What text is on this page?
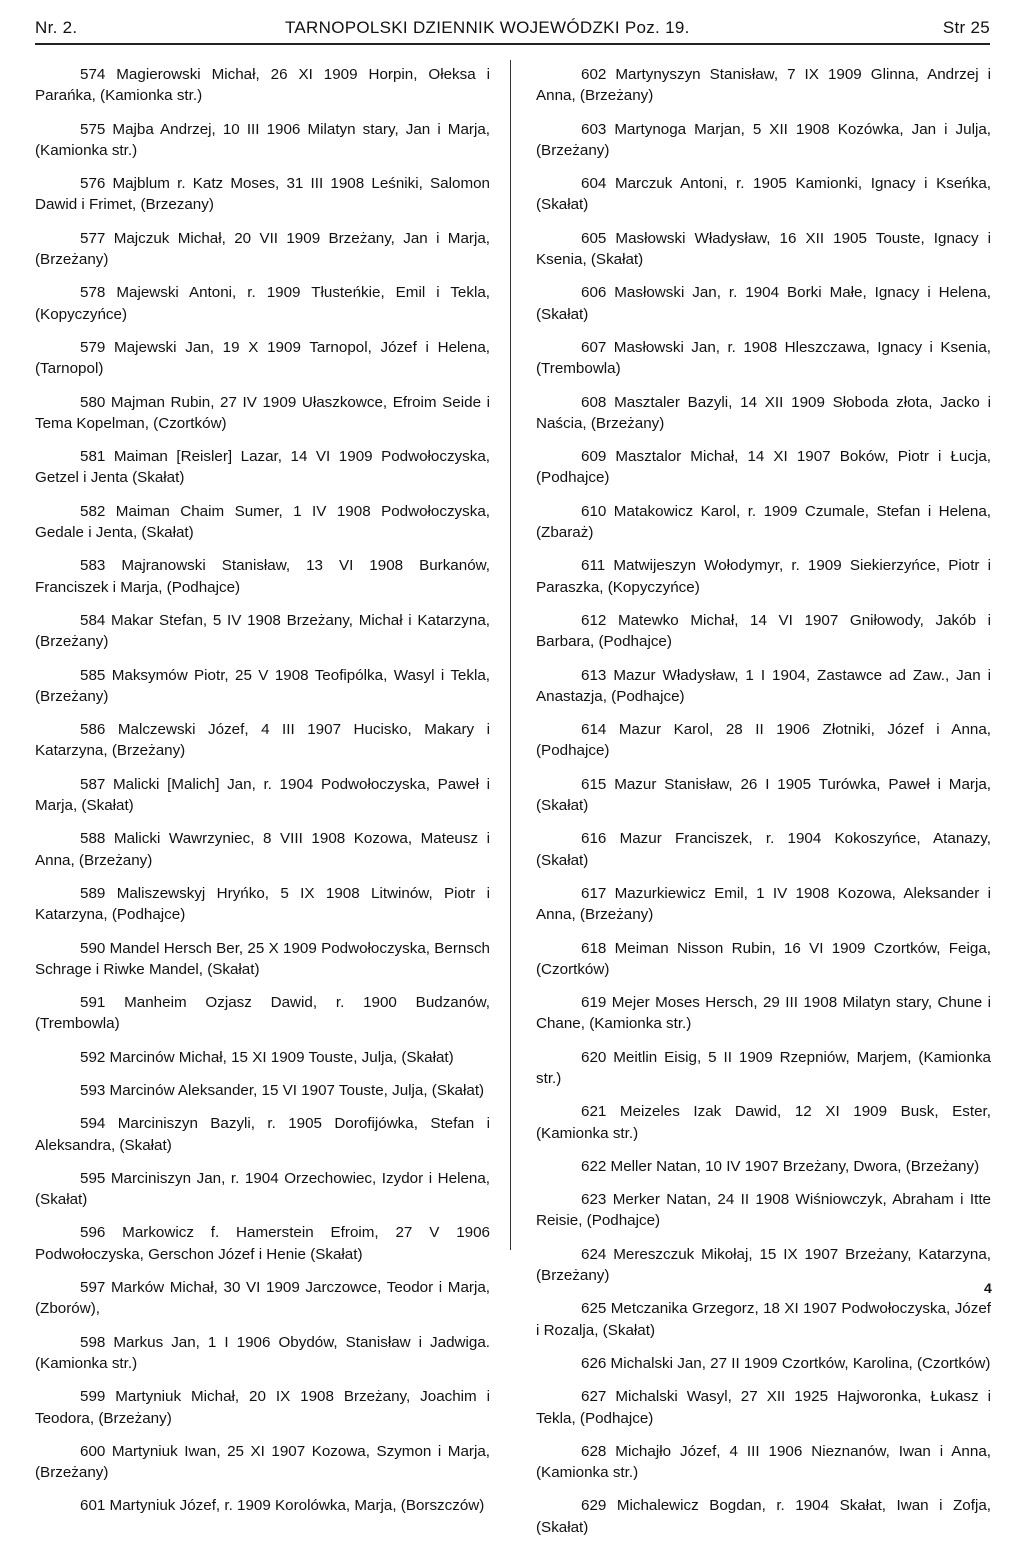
Nr. 2.	TARNOPOLSKI DZIENNIK WOJEWÓDZKI Poz. 19.	Str 25

574 Magierowski Michał, 26 XI 1909 Horpin, Ołeksa i Parańka, (Kamionka str.)

575 Majba Andrzej, 10 III 1906 Milatyn stary, Jan i Marja, (Kamionka str.)

576 Majblum r. Katz Moses, 31 III 1908 Leśniki, Salomon Dawid i Frimet, (Brzezany)

577 Majczuk Michał, 20 VII 1909 Brzeżany, Jan i Marja, (Brzeżany)

578 Majewski Antoni, r. 1909 Tłusteńkie, Emil i Tekla, (Kopyczyńce)

579 Majewski Jan, 19 X 1909 Tarnopol, Józef i Helena, (Tarnopol)

580 Majman Rubin, 27 IV 1909 Ułaszkowce, Efroim Seide i Tema Kopelman, (Czortków)

581 Maiman [Reisler] Lazar, 14 VI 1909 Podwołoczyska, Getzel i Jenta (Skałat)

582 Maiman Chaim Sumer, 1 IV 1908 Podwołoczyska, Gedale i Jenta, (Skałat)

583 Majranowski Stanisław, 13 VI 1908 Burkanów, Franciszek i Marja, (Podhajce)

584 Makar Stefan, 5 IV 1908 Brzeżany, Michał i Katarzyna, (Brzeżany)

585 Maksymów Piotr, 25 V 1908 Teofipólka, Wasyl i Tekla, (Brzeżany)

586 Malczewski Józef, 4 III 1907 Hucisko, Makary i Katarzyna, (Brzeżany)

587 Malicki [Malich] Jan, r. 1904 Podwołoczyska, Paweł i Marja, (Skałat)

588 Malicki Wawrzyniec, 8 VIII 1908 Kozowa, Mateusz i Anna, (Brzeżany)

589 Maliszewskyj Hryńko, 5 IX 1908 Litwinów, Piotr i Katarzyna, (Podhajce)

590 Mandel Hersch Ber, 25 X 1909 Podwołoczyska, Bernsch Schrage i Riwke Mandel, (Skałat)

591 Manheim Ozjasz Dawid, r. 1900 Budzanów, (Trembowla)

592 Marcinów Michał, 15 XI 1909 Touste, Julja, (Skałat)

593 Marcinów Aleksander, 15 VI 1907 Touste, Julja, (Skałat)

594 Marciniszyn Bazyli, r. 1905 Dorofijówka, Stefan i Aleksandra, (Skałat)

595 Marciniszyn Jan, r. 1904 Orzechowiec, Izydor i Helena, (Skałat)

596 Markowicz f. Hamerstein Efroim, 27 V 1906 Podwołoczyska, Gerschon Józef i Henie (Skałat)

597 Marków Michał, 30 VI 1909 Jarczowce, Teodor i Marja, (Zborów),

598 Markus Jan, 1 I 1906 Obydów, Stanisław i Jadwiga. (Kamionka str.)

599 Martyniuk Michał, 20 IX 1908 Brzeżany, Joachim i Teodora, (Brzeżany)

600 Martyniuk Iwan, 25 XI 1907 Kozowa, Szymon i Marja, (Brzeżany)

601 Martyniuk Józef, r. 1909 Korolówka, Marja, (Borszczów)

602 Martynyszyn Stanisław, 7 IX 1909 Glinna, Andrzej i Anna, (Brzeżany)

603 Martynoga Marjan, 5 XII 1908 Kozówka, Jan i Julja, (Brzeżany)

604 Marczuk Antoni, r. 1905 Kamionki, Ignacy i Kseńka, (Skałat)

605 Masłowski Władysław, 16 XII 1905 Touste, Ignacy i Ksenia, (Skałat)

606 Masłowski Jan, r. 1904 Borki Małe, Ignacy i Helena, (Skałat)

607 Masłowski Jan, r. 1908 Hleszczawa, Ignacy i Ksenia, (Trembowla)

608 Masztaler Bazyli, 14 XII 1909 Słoboda złota, Jacko i Naścia, (Brzeżany)

609 Masztalor Michał, 14 XI 1907 Boków, Piotr i Łucja, (Podhajce)

610 Matakowicz Karol, r. 1909 Czumale, Stefan i Helena, (Zbaraż)

611 Matwijeszyn Wołodymyr, r. 1909 Siekierzyńce, Piotr i Paraszka, (Kopyczyńce)

612 Matewko Michał, 14 VI 1907 Gniłowody, Jakób i Barbara, (Podhajce)

613 Mazur Władysław, 1 I 1904, Zastawce ad Zaw., Jan i Anastazja, (Podhajce)

614 Mazur Karol, 28 II 1906 Złotniki, Józef i Anna, (Podhajce)

615 Mazur Stanisław, 26 I 1905 Turówka, Paweł i Marja, (Skałat)

616 Mazur Franciszek, r. 1904 Kokoszyńce, Atanazy, (Skałat)

617 Mazurkiewicz Emil, 1 IV 1908 Kozowa, Aleksander i Anna, (Brzeżany)

618 Meiman Nisson Rubin, 16 VI 1909 Czortków, Feiga, (Czortków)

619 Mejer Moses Hersch, 29 III 1908 Milatyn stary, Chune i Chane, (Kamionka str.)

620 Meitlin Eisig, 5 II 1909 Rzepniów, Marjem, (Kamionka str.)

621 Meizeles Izak Dawid, 12 XI 1909 Busk, Ester, (Kamionka str.)

622 Meller Natan, 10 IV 1907 Brzeżany, Dwora, (Brzeżany)

623 Merker Natan, 24 II 1908 Wiśniowczyk, Abraham i Itte Reisie, (Podhajce)

624 Mereszczuk Mikołaj, 15 IX 1907 Brzeżany, Katarzyna, (Brzeżany)

625 Metczanika Grzegorz, 18 XI 1907 Podwołoczyska, Józef i Rozalja, (Skałat)

626 Michalski Jan, 27 II 1909 Czortków, Karolina, (Czortków)

627 Michalski Wasyl, 27 XII 1925 Hajworonka, Łukasz i Tekla, (Podhajce)

628 Michajło Józef, 4 III 1906 Nieznanów, Iwan i Anna, (Kamionka str.)

629 Michalewicz Bogdan, r. 1904 Skałat, Iwan i Zofja, (Skałat)

4
